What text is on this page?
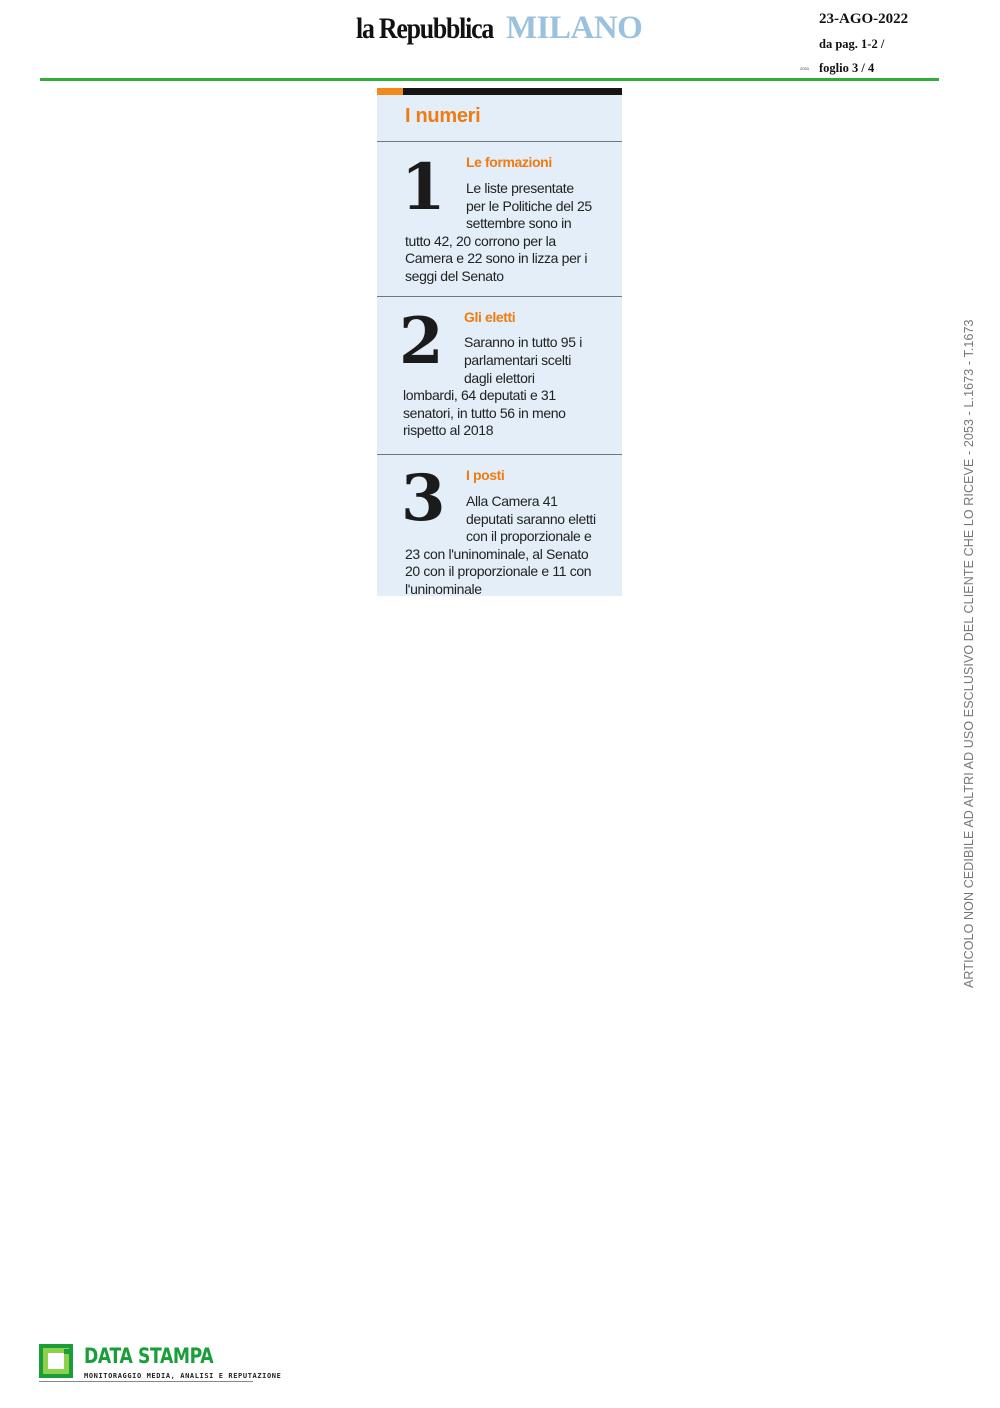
la Repubblica MILANO	23-AGO-2022
da pag. 1-2 /
2053 foglio 3 / 4
I numeri
1 Le formazioni
Le liste presentate
per le Politiche del 25
settembre sono in
tutto 42, 20 corrono per la
Camera e 22 sono in lizza per i
seggi del Senato
2 Gli eletti
Saranno in tutto 95 i
parlamentari scelti
dagli elettori
lombardi, 64 deputati e 31
senatori, in tutto 56 in meno
rispetto al 2018
3 I posti
Alla Camera 41
deputati saranno eletti
con il proporzionale e
23 con l'uninominale, al Senato
20 con il proporzionale e 11 con
l'uninominale	ARTICOLO NON CEDIBILE AD ALTRI AD USO ESCLUSIVO DEL CLIENTE CHE LO RICEVE - 2053 - L.1673 - T.1673
DATA STAMPA
MONITORAGGIO MEDIA, ANALISI E REPUTAZIONE
